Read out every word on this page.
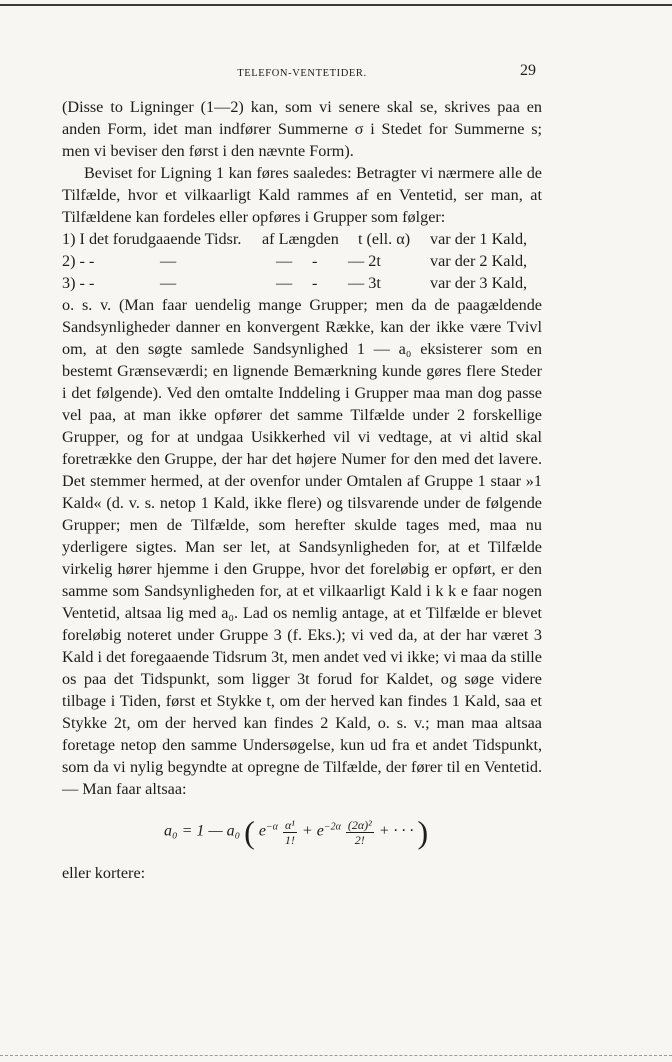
TELEFON-VENTETIDER.	29

(Disse to Ligninger (1—2) kan, som vi senere skal se, skrives paa en anden Form, idet man indfører Summerne σ i Stedet for Summerne s; men vi beviser den først i den nævnte Form).

Beviset for Ligning 1 kan føres saaledes: Betragter vi nærmere alle de Tilfælde, hvor et vilkaarligt Kald rammes af en Ventetid, ser man, at Tilfældene kan fordeles eller opføres i Grupper som følger:

1) I det forudgaaende Tidsr. af Længden t (ell. α) var der 1 Kald,
2) - -	—	— - — 2t	var der 2 Kald,
3) - -	—	— - — 3t	var der 3 Kald,

o. s. v. (Man faar uendelig mange Grupper; men da de paagældende Sandsynligheder danner en konvergent Række, kan der ikke være Tvivl om, at den søgte samlede Sandsynlighed 1 — a₀ eksisterer som en bestemt Grænseværdi; en lignende Bemærkning kunde gøres flere Steder i det følgende). Ved den omtalte Inddeling i Grupper maa man dog passe vel paa, at man ikke opfører det samme Tilfælde under 2 forskellige Grupper, og for at undgaa Usikkerhed vil vi vedtage, at vi altid skal foretrække den Gruppe, der har det højere Numer for den med det lavere. Det stemmer hermed, at der ovenfor under Omtalen af Gruppe 1 staar »1 Kald« (d. v. s. netop 1 Kald, ikke flere) og tilsvarende under de følgende Grupper; men de Tilfælde, som herefter skulde tages med, maa nu yderligere sigtes. Man ser let, at Sandsynligheden for, at et Tilfælde virkelig hører hjemme i den Gruppe, hvor det foreløbig er opført, er den samme som Sandsynligheden for, at et vilkaarligt Kald i k k e faar nogen Ventetid, altsaa lig med a₀. Lad os nemlig antage, at et Tilfælde er blevet foreløbig noteret under Gruppe 3 (f. Eks.); vi ved da, at der har været 3 Kald i det foregaaende Tidsrum 3t, men andet ved vi ikke; vi maa da stille os paa det Tidspunkt, som ligger 3t forud for Kaldet, og søge videre tilbage i Tiden, først et Stykke t, om der herved kan findes 1 Kald, saa et Stykke 2t, om der herved kan findes 2 Kald, o. s. v.; man maa altsaa foretage netop den samme Undersøgelse, kun ud fra et andet Tidspunkt, som da vi nylig begyndte at opregne de Tilfælde, der fører til en Ventetid. — Man faar altsaa:

a₀ = 1 — a₀ ( $e^{-\alpha} \frac{\text{α¹}}{1!} + e^{-2\alpha} \frac{\text{(2α)²}}{2!}$ + · · · )

eller kortere:
